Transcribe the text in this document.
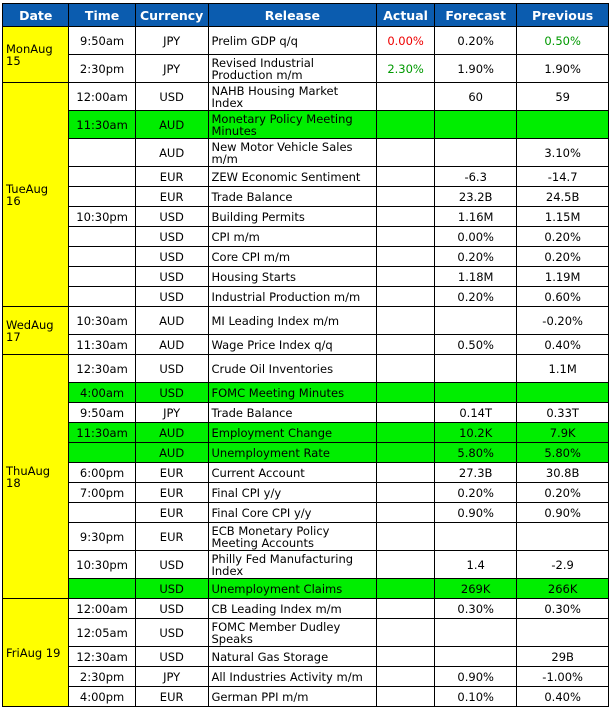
Date	Time	Currency	Release	Actual	Forecast	Previous
MonAug 15	9:50am	JPY	Prelim GDP q/q	0.00%	0.20%	0.50%
	2:30pm	JPY	Revised Industrial Production m/m	2.30%	1.90%	1.90%
TueAug 16	12:00am	USD	NAHB Housing Market Index		60	59
	11:30am	AUD	Monetary Policy Meeting Minutes			
		AUD	New Motor Vehicle Sales m/m			3.10%
		EUR	ZEW Economic Sentiment		-6.3	-14.7
		EUR	Trade Balance		23.2B	24.5B
	10:30pm	USD	Building Permits		1.16M	1.15M
		USD	CPI m/m		0.00%	0.20%
		USD	Core CPI m/m		0.20%	0.20%
		USD	Housing Starts		1.18M	1.19M
		USD	Industrial Production m/m		0.20%	0.60%
WedAug 17	10:30am	AUD	MI Leading Index m/m			-0.20%
	11:30am	AUD	Wage Price Index q/q		0.50%	0.40%
ThuAug 18	12:30am	USD	Crude Oil Inventories			1.1M
	4:00am	USD	FOMC Meeting Minutes			
	9:50am	JPY	Trade Balance		0.14T	0.33T
	11:30am	AUD	Employment Change		10.2K	7.9K
		AUD	Unemployment Rate		5.80%	5.80%
	6:00pm	EUR	Current Account		27.3B	30.8B
	7:00pm	EUR	Final CPI y/y		0.20%	0.20%
		EUR	Final Core CPI y/y		0.90%	0.90%
	9:30pm	EUR	ECB Monetary Policy Meeting Accounts			
	10:30pm	USD	Philly Fed Manufacturing Index		1.4	-2.9
		USD	Unemployment Claims		269K	266K
FriAug 19	12:00am	USD	CB Leading Index m/m		0.30%	0.30%
	12:05am	USD	FOMC Member Dudley Speaks			
	12:30am	USD	Natural Gas Storage			29B
	2:30pm	JPY	All Industries Activity m/m		0.90%	-1.00%
	4:00pm	EUR	German PPI m/m		0.10%	0.40%
